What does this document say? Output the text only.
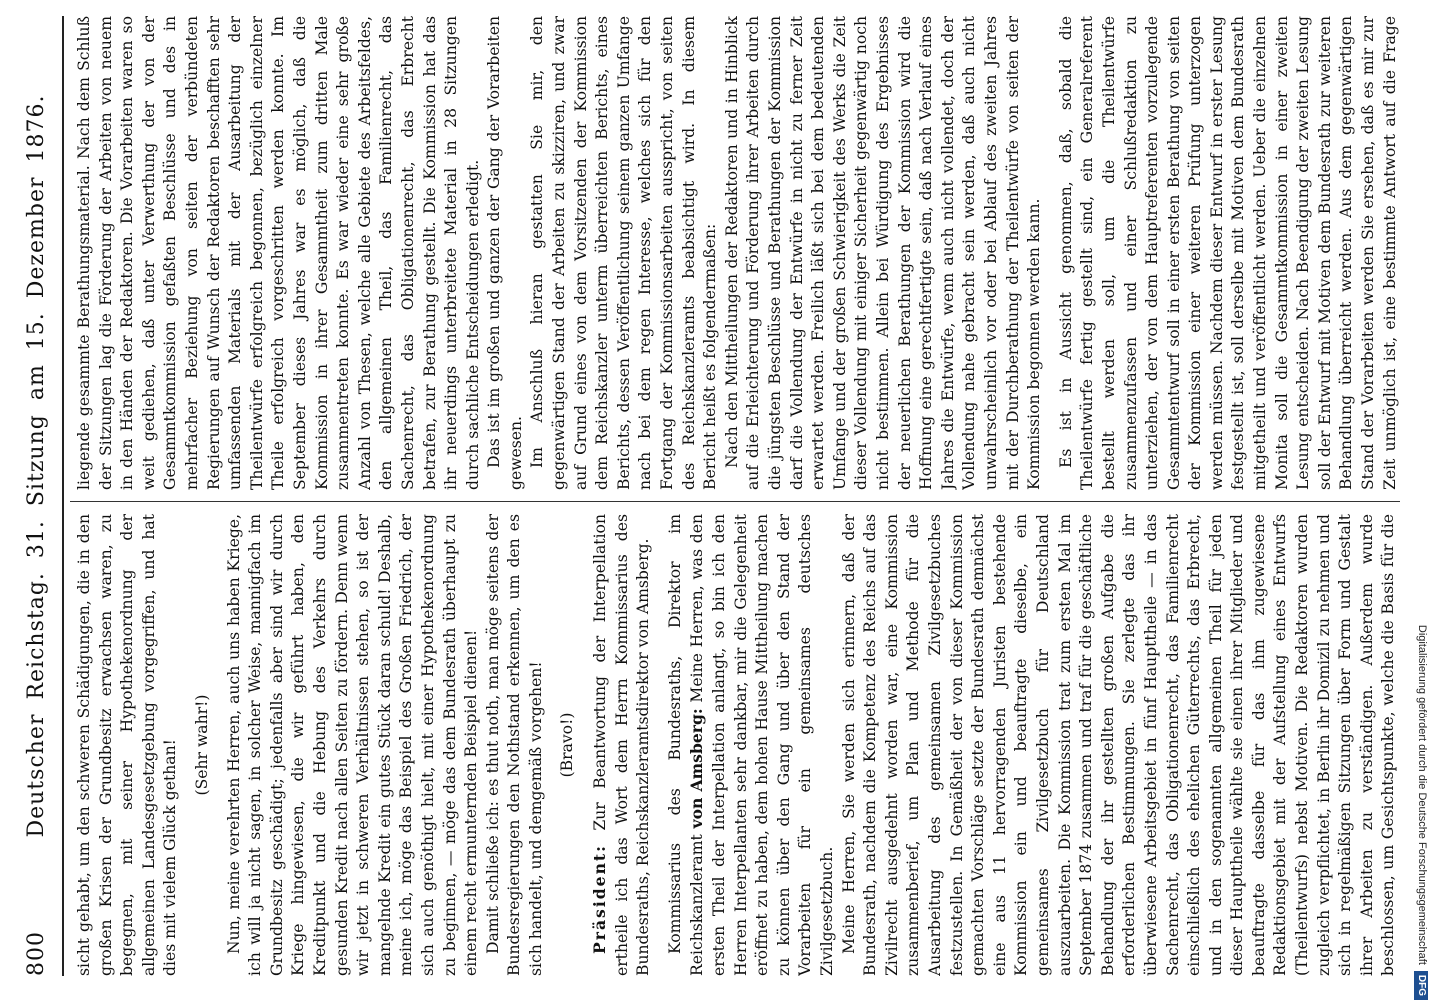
800
Deutscher Reichstag. 31. Sitzung am 15. Dezember 1876. sicht gehabt, um den schweren Schädigungen, die in den großen Krisen der Grundbesitz erwachsen waren, zu begegnen, mit seiner Hypothekenordnung der allgemeinen Landesgesetzgebung vorgegriffen, und hat dies mit vielem Glück gethan! (Sehr wahr!) Nun, meine verehrten Herren, auch uns haben Kriege, ich will ja nicht sagen, in solcher Weise, mannigfach im Grundbesitz geschädigt; jedenfalls aber sind wir durch Kriege hingewiesen, die wir geführt haben, den Kreditpunkt und die Hebung des Verkehrs durch gesunden Kredit nach allen Seiten zu fördern. Denn wenn wir jetzt in schweren Verhältnissen stehen, so ist der mangelnde Kredit ein gutes Stück daran schuld! Deshalb, meine ich, möge das Beispiel des Großen Friedrich, der sich auch genöthigt hielt, mit einer Hypothekenordnung zu beginnen, — möge das dem Bundesrath überhaupt zu einem recht ermunternden Beispiel dienen! Damit schließe ich: es thut noth, man möge seitens der Bundesregierungen den Nothstand erkennen, um den es sich handelt, und demgemäß vorgehen! (Bravo!)

Präsident: Zur Beantwortung der Interpellation ertheile ich das Wort dem Herrn Kommissarius des Bundesraths, Reichskanzleramtsdirektor von Amsberg. Kommissarius des Bundesraths, Direktor im Reichskanzleramt von Amsberg: Meine Herren, was den ersten Theil der Interpellation anlangt, so bin ich den Herren Interpellanten sehr dankbar, mir die Gelegenheit eröffnet zu haben, dem hohen Hause Mittheilung machen zu können über den Gang und über den Stand der Vorarbeiten für ein gemeinsames deutsches Zivilgesetzbuch. Meine Herren, Sie werden sich erinnern, daß der Bundesrath, nachdem die Kompetenz des Reichs auf das Zivilrecht ausgedehnt worden war, eine Kommission zusammenberief, um Plan und Methode für die Ausarbeitung des gemeinsamen Zivilgesetzbuches festzustellen. In Gemäßheit der von dieser Kommission gemachten Vorschläge setzte der Bundesrath demnächst eine aus 11 hervorragenden Juristen bestehende Kommission ein und beauftragte dieselbe, ein gemeinsames Zivilgesetzbuch für Deutschland auszuarbeiten. Die Kommission trat zum ersten Mal im September 1874 zusammen und traf für die geschäftliche Behandlung der ihr gestellten großen Aufgabe die erforderlichen Bestimmungen. Sie zerlegte das ihr überwiesene Arbeitsgebiet in fünf Haupttheile — in das Sachenrecht, das Obligationenrecht, das Familienrecht einschließlich des ehelichen Güterrechts, das Erbrecht, und in den sogenannten allgemeinen Theil für jeden dieser Haupttheile wählte sie einen ihrer Mitglieder und beauftragte dasselbe für das ihm zugewiesene Redaktionsgebiet mit der Aufstellung eines Entwurfs (Theilentwurfs) nebst Motiven. Die Redaktoren wurden zugleich verpflichtet, in Berlin ihr Domizil zu nehmen und sich in regelmäßigen Sitzungen über Form und Gestalt ihrer Arbeiten zu verständigen. Außerdem wurde beschlossen, um Gesichtspunkte, welche die Basis für die

liegende gesammte Berathungsmaterial. Nach dem Schluß der Sitzungen lag die Förderung der Arbeiten von neuem in den Händen der Redaktoren. Die Vorarbeiten waren so weit gediehen, daß unter Verwerthung der von der Gesammtkommission gefaßten Beschlüsse und des in mehrfacher Beziehung von seiten der verbündeten Regierungen auf Wunsch der Redaktoren beschafften sehr umfassenden Materials mit der Ausarbeitung der Theilentwürfe erfolgreich begonnen, bezüglich einzelner Theile erfolgreich vorgeschritten werden konnte. Im September dieses Jahres war es möglich, daß die Kommission in ihrer Gesammtheit zum dritten Male zusammentreten konnte. Es war wieder eine sehr große Anzahl von Thesen, welche alle Gebiete des Arbeitsfeldes, den allgemeinen Theil, das Familienrecht, das Sachenrecht, das Obligationenrecht, das Erbrecht betrafen, zur Berathung gestellt. Die Kommission hat das ihr neuerdings unterbreitete Material in 28 Sitzungen durch sachliche Entscheidungen erledigt. Das ist im großen und ganzen der Gang der Vorarbeiten gewesen. Im Anschluß hieran gestatten Sie mir, den gegenwärtigen Stand der Arbeiten zu skizziren, und zwar auf Grund eines von dem Vorsitzenden der Kommission dem Reichskanzler unterm überreichten Berichts, eines Berichts, dessen Veröffentlichung seinem ganzen Umfange nach bei dem regen Interesse, welches sich für den Fortgang der Kommissionsarbeiten ausspricht, von seiten des Reichskanzleramts beabsichtigt wird. In diesem Bericht heißt es folgendermaßen: Nach den Mittheilungen der Redaktoren und in Hinblick auf die Erleichterung und Förderung ihrer Arbeiten durch die jüngsten Beschlüsse und Berathungen der Kommission darf die Vollendung der Entwürfe in nicht zu ferner Zeit erwartet werden. Freilich läßt sich bei dem bedeutenden Umfange und der großen Schwierigkeit des Werks die Zeit dieser Vollendung mit einiger Sicherheit gegenwärtig noch nicht bestimmen. Allein bei Würdigung des Ergebnisses der neuerlichen Berathungen der Kommission wird die Hoffnung eine gerechtfertigte sein, daß nach Verlauf eines Jahres die Entwürfe, wenn auch nicht vollendet, doch der Vollendung nahe gebracht sein werden, daß auch nicht unwahrscheinlich vor oder bei Ablauf des zweiten Jahres mit der Durchberathung der Theilentwürfe von seiten der Kommission begonnen werden kann. Es ist in Aussicht genommen, daß, sobald die Theilentwürfe fertig gestellt sind, ein Generalreferent bestellt werden soll, um die Theilentwürfe zusammenzufassen und einer Schlußredaktion zu unterziehen, der von dem Hauptreferenten vorzulegende Gesammtentwurf soll in einer ersten Berathung von seiten der Kommission einer weiteren Prüfung unterzogen werden müssen. Nachdem dieser Entwurf in erster Lesung festgestellt ist, soll derselbe mit Motiven dem Bundesrath mitgetheilt und veröffentlicht werden. Ueber die einzelnen Monita soll die Gesammtkommission in einer zweiten Lesung entscheiden. Nach Beendigung der zweiten Lesung soll der Entwurf mit Motiven dem Bundesrath zur weiteren Behandlung überreicht werden. Aus dem gegenwärtigen Stand der Vorarbeiten werden Sie ersehen, daß es mir zur Zeit unmöglich ist, eine bestimmte Antwort auf die Frage

Digitalisierung gefördert durch die Deutsche ForschungsgemeinschaftDFG
